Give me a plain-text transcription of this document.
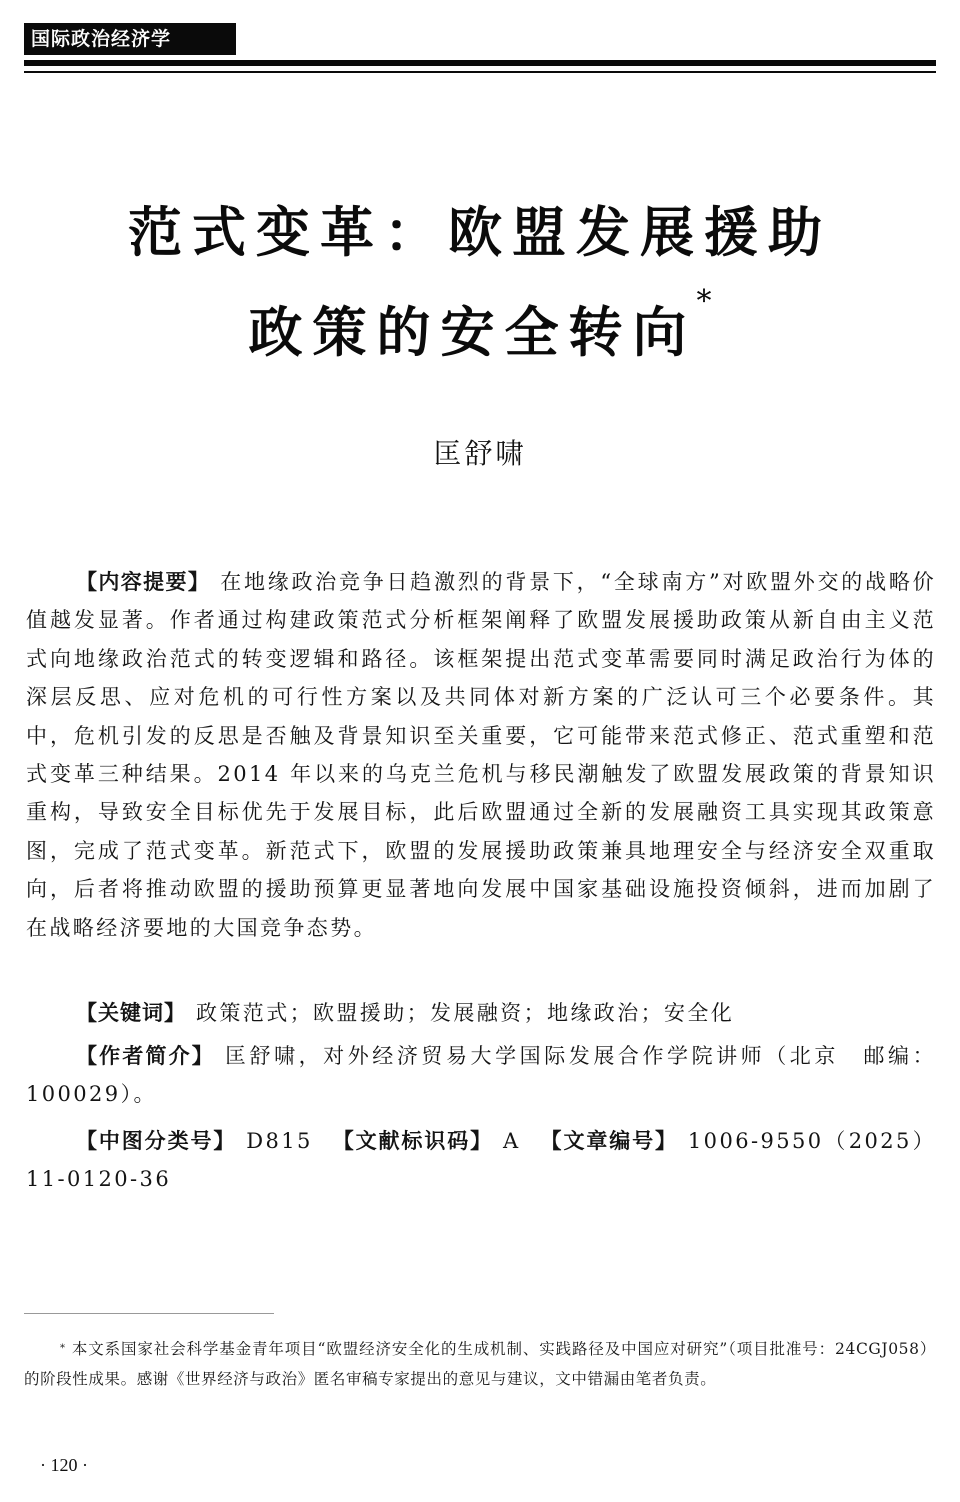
国际政治经济学
范式变革：欧盟发展援助
政策的安全转向*
匡舒啸

【内容提要】 在地缘政治竞争日趋激烈的背景下，“全球南方”对欧盟外交的战略价值越发显著。作者通过构建政策范式分析框架阐释了欧盟发展援助政策从新自由主义范式向地缘政治范式的转变逻辑和路径。该框架提出范式变革需要同时满足政治行为体的深层反思、应对危机的可行性方案以及共同体对新方案的广泛认可三个必要条件。其中，危机引发的反思是否触及背景知识至关重要，它可能带来范式修正、范式重塑和范式变革三种结果。2014 年以来的乌克兰危机与移民潮触发了欧盟发展政策的背景知识重构，导致安全目标优先于发展目标，此后欧盟通过全新的发展融资工具实现其政策意图，完成了范式变革。新范式下，欧盟的发展援助政策兼具地理安全与经济安全双重取向，后者将推动欧盟的援助预算更显著地向发展中国家基础设施投资倾斜，进而加剧了在战略经济要地的大国竞争态势。

【关键词】 政策范式；欧盟援助；发展融资；地缘政治；安全化

【作者简介】 匡舒啸，对外经济贸易大学国际发展合作学院讲师（北京　邮编：100029）。

【中图分类号】 D815 【文献标识码】 A 【文章编号】 1006-9550（2025）11-0120-36

* 本文系国家社会科学基金青年项目“欧盟经济安全化的生成机制、实践路径及中国应对研究”（项目批准号：24CGJ058）的阶段性成果。感谢《世界经济与政治》匿名审稿专家提出的意见与建议，文中错漏由笔者负责。

· 120 ·
